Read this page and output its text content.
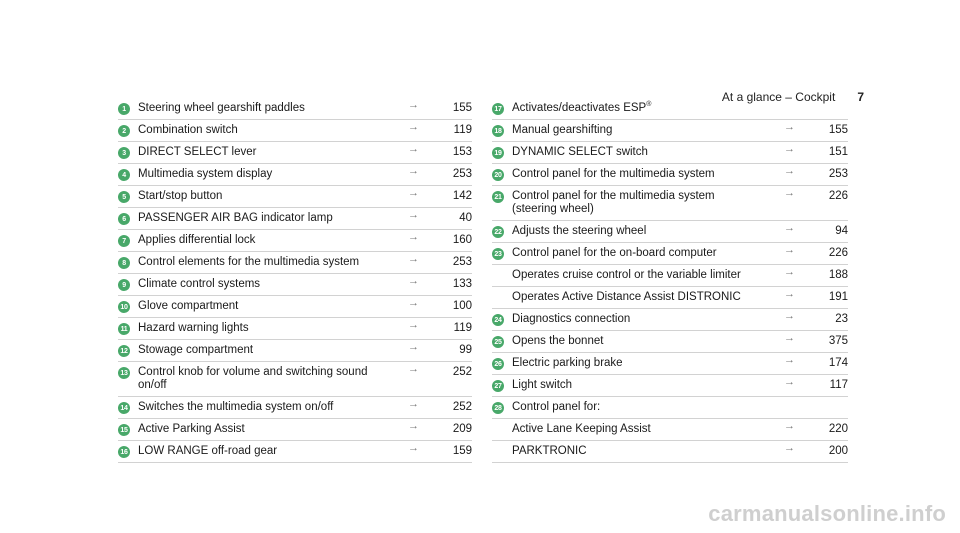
At a glance – Cockpit 7
1	Steering wheel gearshift paddles	→	155
2	Combination switch	→	119
3	DIRECT SELECT lever	→	153
4	Multimedia system display	→	253
5	Start/stop button	→	142
6	PASSENGER AIR BAG indicator lamp	→	40
7	Applies differential lock	→	160
8	Control elements for the multimedia system	→	253
9	Climate control systems	→	133
10 Glove compartment	→	100
11 Hazard warning lights	→	119
12 Stowage compartment	→	99
13 Control knob for volume and switching sound
on/off
→	252
14 Switches the multimedia system on/off	→	252
15 Active Parking Assist	→	209
16 LOW RANGE off-road gear	→	159
17 Activates/deactivates ESP®
18 Manual gearshifting	→	155
19 DYNAMIC SELECT switch	→	151
20 Control panel for the multimedia system	→	253
21 Control panel for the multimedia system
(steering wheel)
→	226
22 Adjusts the steering wheel	→	94
23 Control panel for the on-board computer	→	226
Operates cruise control or the variable limiter	→	188
Operates Active Distance Assist DISTRONIC	→	191
24 Diagnostics connection	→	23
25 Opens the bonnet	→	375
26 Electric parking brake	→	174
27 Light switch	→	117
28 Control panel for:
Active Lane Keeping Assist	→	220
PARKTRONIC	→	200
carmanualsonline.info
